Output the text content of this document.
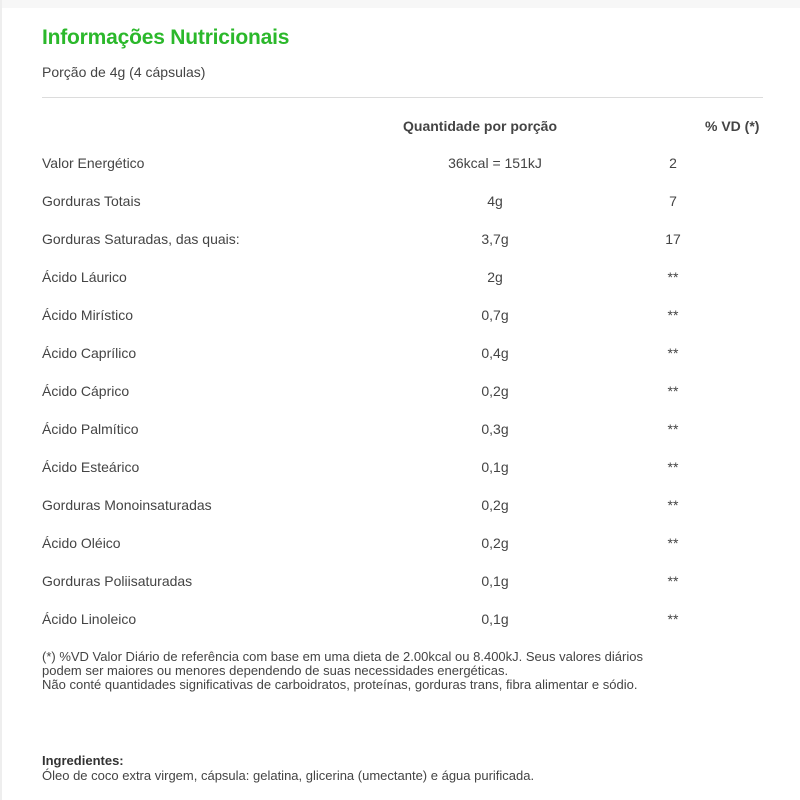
Informações Nutricionais
Porção de 4g (4 cápsulas)
Quantidade por porção	% VD (*)
Valor Energético	36kcal = 151kJ	2
Gorduras Totais	4g	7
Gorduras Saturadas, das quais:	3,7g	17
Ácido Láurico	2g	**
Ácido Mirístico	0,7g	**
Ácido Caprílico	0,4g	**
Ácido Cáprico	0,2g	**
Ácido Palmítico	0,3g	**
Ácido Esteárico	0,1g	**
Gorduras Monoinsaturadas	0,2g	**
Ácido Oléico	0,2g	**
Gorduras Poliisaturadas	0,1g	**
Ácido Linoleico	0,1g	**
(*) %VD Valor Diário de referência com base em uma dieta de 2.00kcal ou 8.400kJ. Seus valores diários
podem ser maiores ou menores dependendo de suas necessidades energéticas.
Não conté quantidades significativas de carboidratos, proteínas, gorduras trans, fibra alimentar e sódio.
Ingredientes:
Óleo de coco extra virgem, cápsula: gelatina, glicerina (umectante) e água purificada.
